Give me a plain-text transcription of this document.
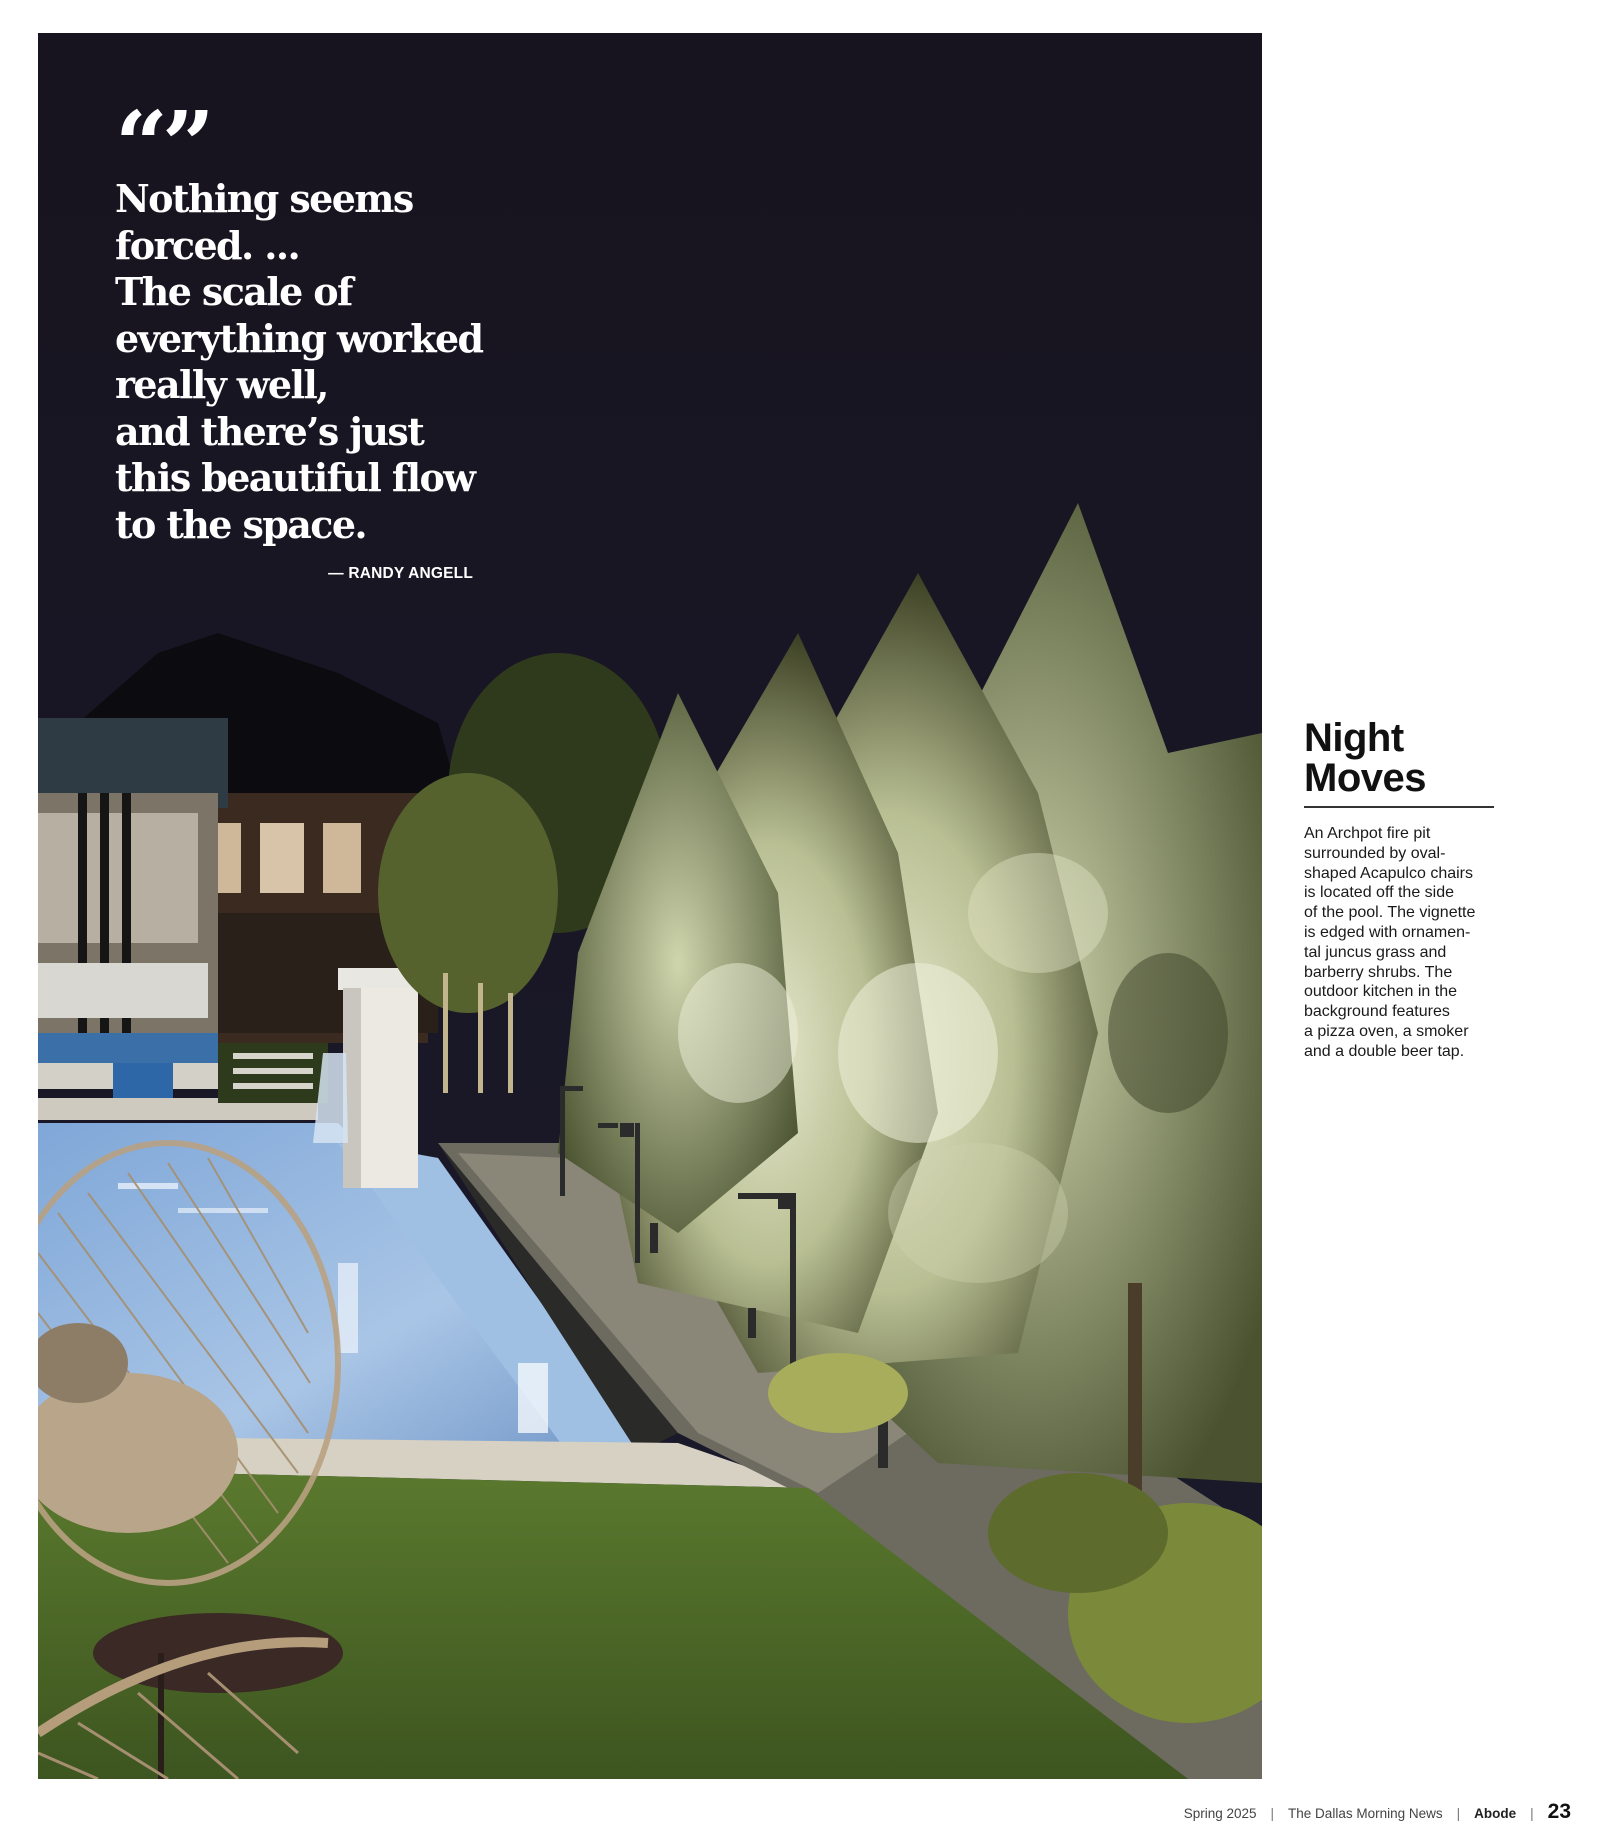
“”
Nothing seems
forced. ...
The scale of
everything worked
really well,
and there’s just
this beautiful flow
to the space.
— RANDY ANGELL
Night
Moves
An Archpot fire pit
surrounded by oval-
shaped Acapulco chairs
is located off the side
of the pool. The vignette
is edged with ornamen-
tal juncus grass and
barberry shrubs. The
outdoor kitchen in the
background features
a pizza oven, a smoker
and a double beer tap.
Spring 2025 | The Dallas Morning News | Abode | 23
